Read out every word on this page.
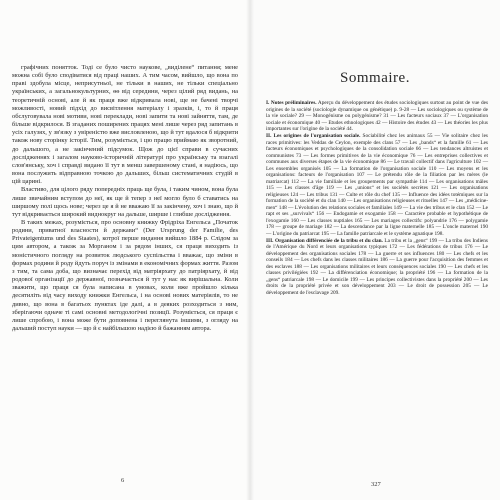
графічних понятток. Тоді се було чисто наукове, „виділене“ питання; мене можна собі було сподіватися від праці наших. А тим часом, вийшло, що вона по праві здобула місце, неприсутньої, не тільки в наших, не тільки спеціально українських, а загальнокультурних, ѳѳ від середини, через цілий ряд видань, на теоретичній основі, але й як праця вже відкривала нові, ще не бачені творчі можливості, новий підхід до висвітлення матеріалу і зразків, і, то й праця обслуговувала нові мотиви, нові переклади, нові запити та нові зайняття, там, де більше відкрилося. В згаданих поширених працях мені лише через ряд запитань в усіх галузях, у зв'язку з увіреністю вже висловленою, що й тут вдалося б відкрити також нову сторінку історії. Тим, розуміється, і цю працю приймаю як зворотний, до дальшого, а не закінчений підсумок. Щож до цієї справи в сучасних дослідженнях і загалом науково-історичній літературі про українську та взагалі слов'янську, хоч і справді видано її тут в менш завершеному стані, я надіюсь, що вона послужить відправною точкою до дальших, більш систематичних студій в цій царині.

Властиво, для цілого ряду попередніх праць ще була, і таким чином, вона була лише звичайним вступом до неї, як ще й тепер з неї могло було б ставатись на ширшому полі щось нове; через це я й не вважаю її за закінчену, хоч і знаю, що й тут відкривається широкий виднокруг на дальше, ширше і глибше дослідження.

В таких межах, розуміється, про основну книжку Фрідріха Енгельса „Початок родини, приватної власности й держави“ (Der Ursprung der Familie, des Privateigentums und des Staates), котрої перше видання вийшло 1884 р. Слідом за цим автором, а також за Морганом і за рядом інших, ся праця виходить із моністичного погляду на розвиток людського суспільства і вважає, що зміни в формах родини й роду йдуть поруч із змінами в економічних формах життя. Разом з тим, та сама доба, що визначає перехід від матріярхату до патріярхату, й від родової організації до державної, позначається й тут у нас як вирішальна. Коли зважити, що праця ся була написана в умовах, коли вже пройшло кілька десятиліть від часу виходу книжки Енгельса, і на основі нових матеріялів, то не дивно, що вона в багатьох пунктах іде далі, а в деяких розходиться з ним, зберігаючи одначе ті самі основні методологічні позиції. Розуміється, ся праця є лише спробою, і вона може бути доповнена і переглянута іншими, з огляду на дальший поступ науки — що й є найбільшою надією й бажанням автора.

6
Sommaire.

I. Notes préliminaires. Aperçu du développement des études sociologiques surtout au point de vue des origines de la société (sociologie dynamique ou génétique) p. 9-28 — Les sociologiques ou système de la vie sociale? 29 — Monogénisme ou polygénisme? 31 — Les facteurs sociaux 37 — L'organisation sociale et économique 40 — Etudes ethnologiques 42 — Histoire des études 43 — Les théories les plus importantes sur l'origine de la société 44.

II. Les origines de l'organisation sociale. Sociabilité chez les animaux 55 — Vie solitaire chez les races primitives: les Veddas de Ceylon, exemple des clans 57 — Les „bands“ et la famille 61 — Les facteurs économiques et psychologiques de la consolidation sociale 66 — Les tendances altruistes et communistes 73 — Les formes primitives de la vie économique 76 — Les entreprises collectives et communes aux diverses étapes de la vie économique 86 — Le travail collectif dans l'agriculture 102 — Les ensembles organisés 105 — La formation de l'organisation sociale 110 — Les moyens et les organisations: facteurs de l'organisation 107 — Le prétendu rôle de la filiation par les mères (le matriarcat) 112 — La vie familiale et les groupements par sympathie 114 — Les organisations mâles 115 — Les classes d'âge 119 — Les „unions“ et les sociétés secrètes 121 — Les organisations religieuses 124 — Les tribus 131 — Culte et rôle du chef 135 — Influence des idées totémiques sur la formation de la société et du clan 140 — Les organisations religieuses et rituelles 147 — Les „médicine-men“ 148 — L'évolution des relations sociales et familiales 149 — La vie des tribus et le clan 152 — Le rapt et ses „survivals“ 156 — Endogamie et exogamie 158 — Caractère probable et hypothétique de l'exogamie 160 — Les classes nuptiales 165 — Les mariages collectifs: polyandrie 176 — polygamie 178 — groupe de mariage 182 — La descendance par la ligne maternelle 185 — L'oncle maternel 190 — L'origine du patriarcat 195 — La famille patriarcale et le système agnatique 198.

III. Organisation différenciée de la tribu et du clan. La tribu et la „gens“ 199 — La tribu des Indiens de l'Amérique du Nord et leurs organisations typiques 172 — Les fédérations de tribus 176 — Le développement des organisations sociales 178 — La guerre et ses influences 180 — Les chefs et les conseils 184 — Les chefs dans les classes militaires 186 — La guerre pour l'acquisition des femmes et des esclaves 188 — Les organisations militaires et leurs conséquences sociales 190 — Les chefs et les classes privilégiées 192 — La différenciation économique; la propriété 196 — La formation de la „gens“ patriarcale 198 — Le domicile 199 — Les principes collectivistes dans la propriété 200 — Les droits de la propriété privée et son développement 203 — Le droit de possession 205 — Le développement de l'esclavage 209.

327
